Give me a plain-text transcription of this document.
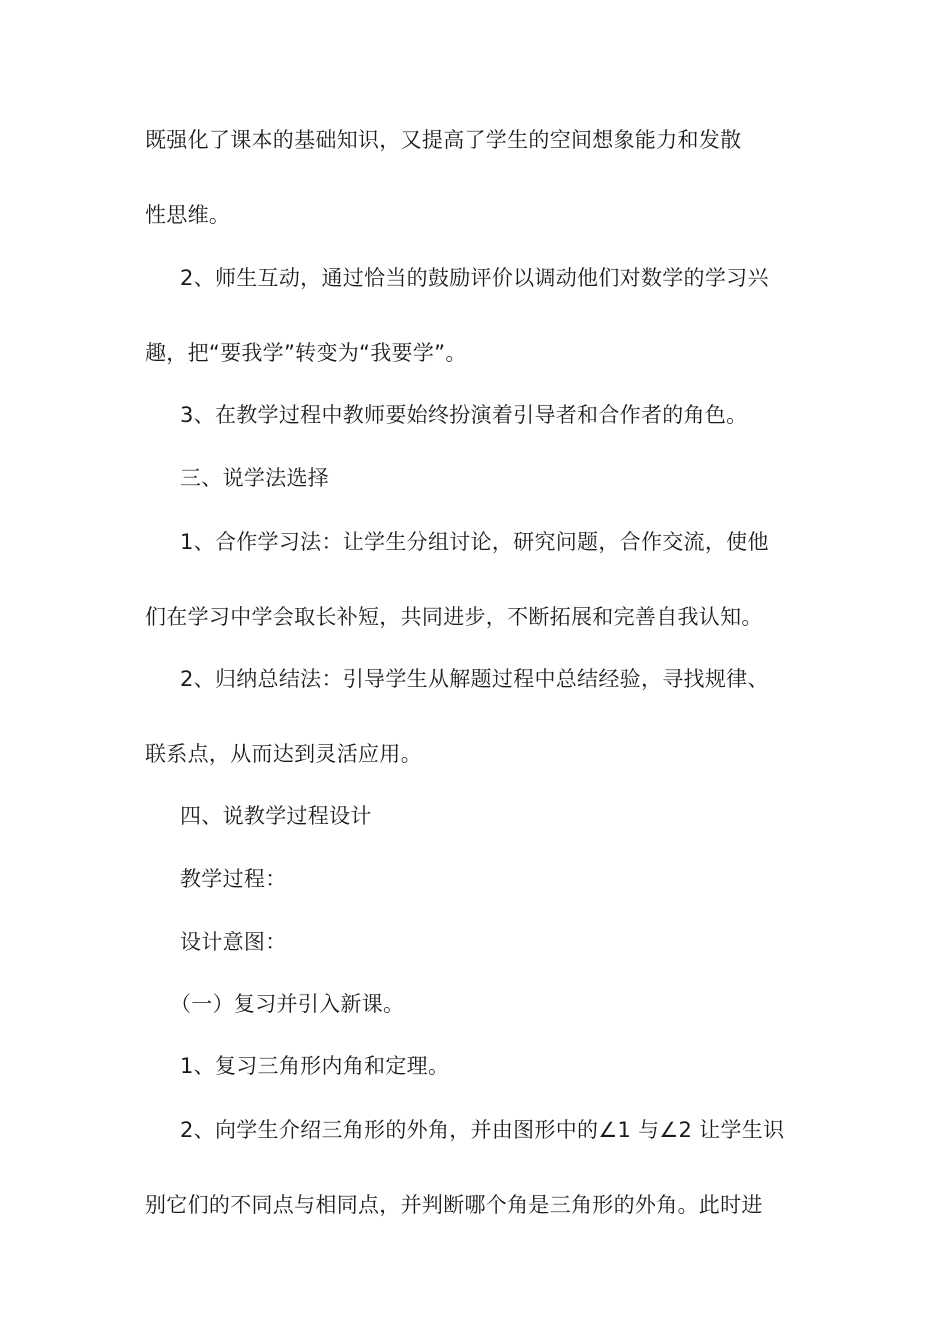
既强化了课本的基础知识，又提高了学生的空间想象能力和发散
性思维。
2、师生互动，通过恰当的鼓励评价以调动他们对数学的学习兴
趣，把“要我学”转变为“我要学”。
3、在教学过程中教师要始终扮演着引导者和合作者的角色。
三、说学法选择
1、合作学习法：让学生分组讨论，研究问题，合作交流，使他
们在学习中学会取长补短，共同进步，不断拓展和完善自我认知。
2、归纳总结法：引导学生从解题过程中总结经验，寻找规律、
联系点，从而达到灵活应用。
四、说教学过程设计
教学过程：
设计意图：
（一）复习并引入新课。
1、复习三角形内角和定理。
2、向学生介绍三角形的外角，并由图形中的∠1 与∠2 让学生识
别它们的不同点与相同点，并判断哪个角是三角形的外角。此时进
